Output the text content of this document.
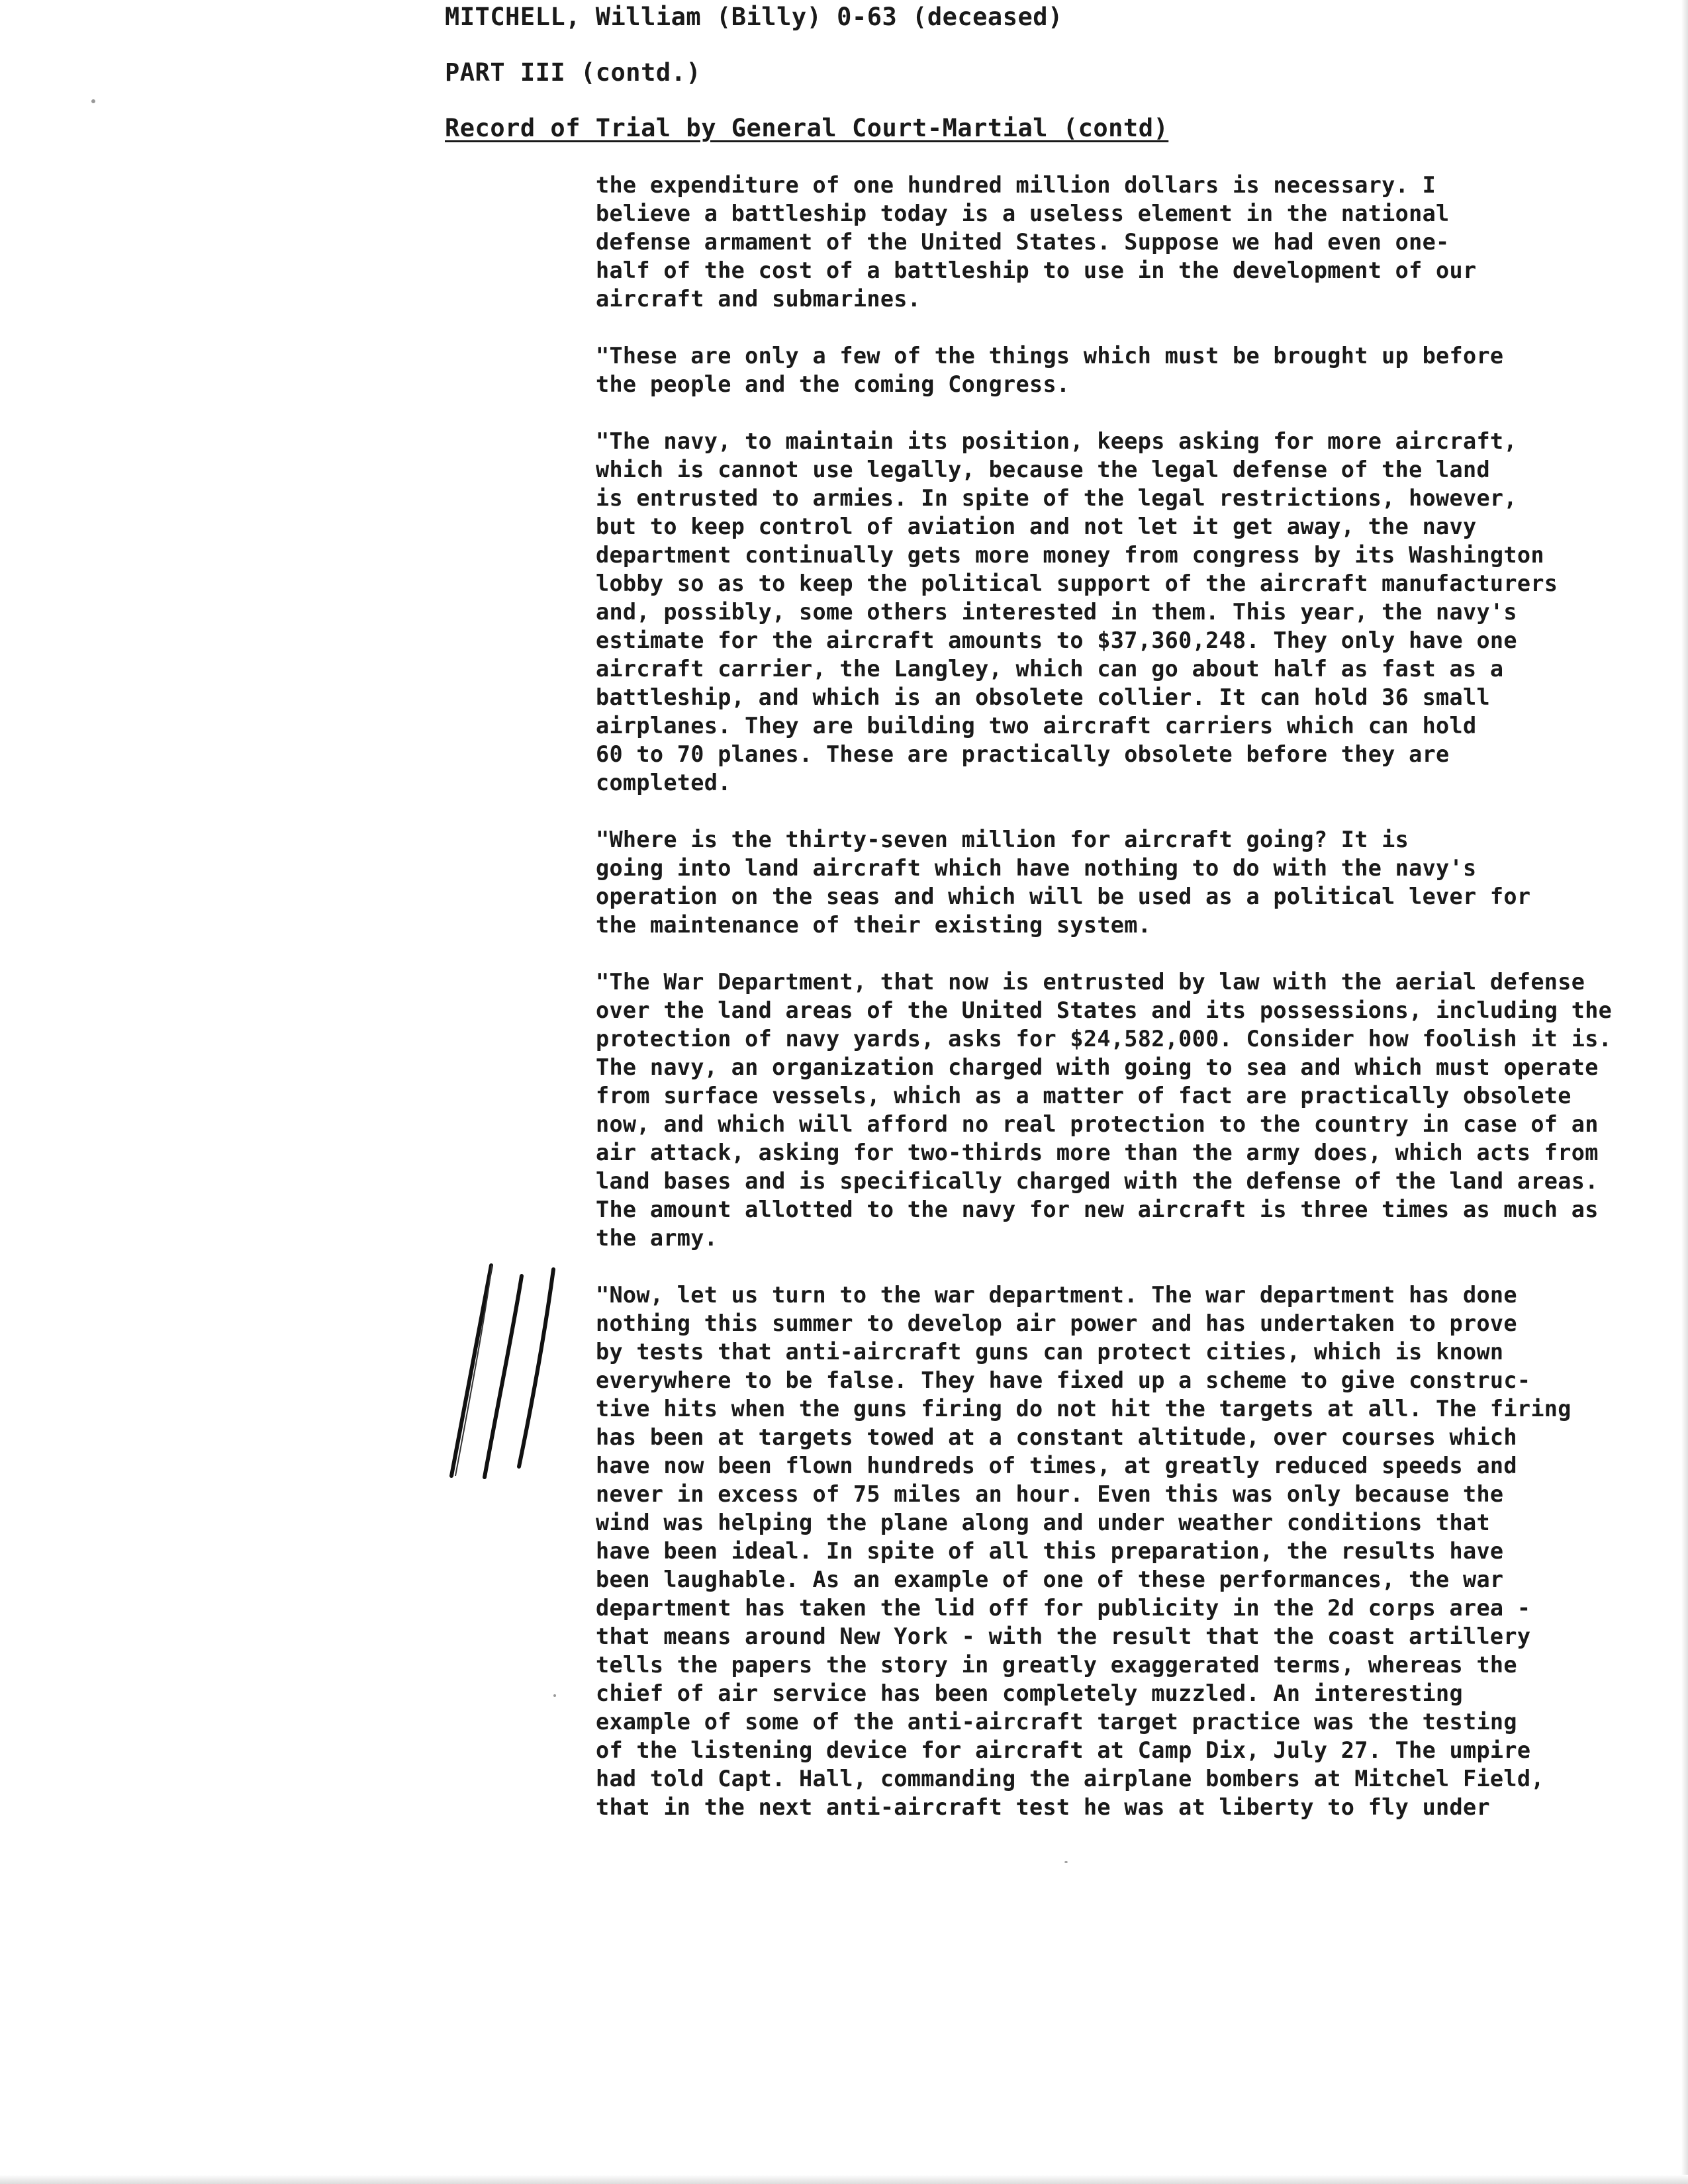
MITCHELL, William (Billy) 0-63 (deceased)
PART III (contd.)
Record of Trial by General Court-Martial (contd)

the expenditure of one hundred million dollars is necessary. I
believe a battleship today is a useless element in the national
defense armament of the United States. Suppose we had even one-
half of the cost of a battleship to use in the development of our
aircraft and submarines.

"These are only a few of the things which must be brought up before
the people and the coming Congress.

"The navy, to maintain its position, keeps asking for more aircraft,
which is cannot use legally, because the legal defense of the land
is entrusted to armies. In spite of the legal restrictions, however,
but to keep control of aviation and not let it get away, the navy
department continually gets more money from congress by its Washington
lobby so as to keep the political support of the aircraft manufacturers
and, possibly, some others interested in them. This year, the navy's
estimate for the aircraft amounts to $37,360,248. They only have one
aircraft carrier, the Langley, which can go about half as fast as a
battleship, and which is an obsolete collier. It can hold 36 small
airplanes. They are building two aircraft carriers which can hold
60 to 70 planes. These are practically obsolete before they are
completed.

"Where is the thirty-seven million for aircraft going? It is
going into land aircraft which have nothing to do with the navy's
operation on the seas and which will be used as a political lever for
the maintenance of their existing system.

"The War Department, that now is entrusted by law with the aerial defense
over the land areas of the United States and its possessions, including the
protection of navy yards, asks for $24,582,000. Consider how foolish it is.
The navy, an organization charged with going to sea and which must operate
from surface vessels, which as a matter of fact are practically obsolete
now, and which will afford no real protection to the country in case of an
air attack, asking for two-thirds more than the army does, which acts from
land bases and is specifically charged with the defense of the land areas.
The amount allotted to the navy for new aircraft is three times as much as
the army.

"Now, let us turn to the war department. The war department has done
nothing this summer to develop air power and has undertaken to prove
by tests that anti-aircraft guns can protect cities, which is known
everywhere to be false. They have fixed up a scheme to give construc-
tive hits when the guns firing do not hit the targets at all. The firing
has been at targets towed at a constant altitude, over courses which
have now been flown hundreds of times, at greatly reduced speeds and
never in excess of 75 miles an hour. Even this was only because the
wind was helping the plane along and under weather conditions that
have been ideal. In spite of all this preparation, the results have
been laughable. As an example of one of these performances, the war
department has taken the lid off for publicity in the 2d corps area -
that means around New York - with the result that the coast artillery
tells the papers the story in greatly exaggerated terms, whereas the
chief of air service has been completely muzzled. An interesting
example of some of the anti-aircraft target practice was the testing
of the listening device for aircraft at Camp Dix, July 27. The umpire
had told Capt. Hall, commanding the airplane bombers at Mitchel Field,
that in the next anti-aircraft test he was at liberty to fly under
